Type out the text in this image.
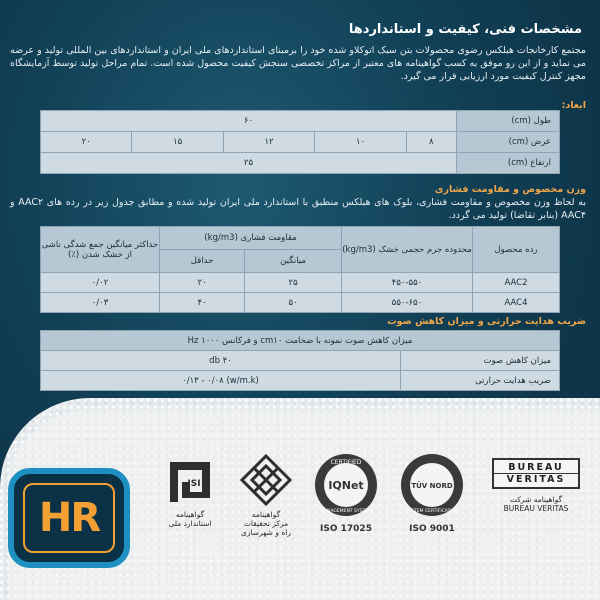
مشخصات فنی، کیفیت و استانداردها
مجتمع کارخانجات هبلکس رضوی محصولات بتن سبک اتوکلاو شده خود را برمبنای استانداردهای ملی ایران و استانداردهای بین المللی تولید و عرضه می نماید و از این رو موفق به کسب گواهینامه های معتبر از مراکز تخصصی سنجش کیفیت محصول شده است. تمام مراحل تولید توسط آزمایشگاه مجهز کنترل کیفیت مورد ارزیابی قرار می گیرد.
ابعاد:
۶۰					طول (cm)
۲۰	۱۵	۱۲	۱۰	۸	عرض (cm)
۲۵					ارتفاع (cm)
وزن مخصوص و مقاومت فشاری
به لحاظ وزن مخصوص و مقاومت فشاری، بلوک های هبلکس منطبق با استاندارد ملی ایران تولید شده و مطابق جدول زیر در رده های AAC۲ و AAC۴ (بنابر تقاضا) تولید می گردد.
حداکثر میانگین جمع شدگی ناشی از خشک شدن (٪)	مقاومت فشاری (kg/m3)		محدوده جرم حجمی خشک (kg/m3)	رده محصول
	حداقل	میانگین		
۰/۰۲	۲۰	۲۵	۴۵۰-۵۵۰	AAC2
۰/۰۳	۴۰	۵۰	۵۵۰-۶۵۰	AAC4
ضریب هدایت حرارتی و میزان کاهش صوت
میزان کاهش صوت نمونه با ضخامت cm۱۰ و فرکانس Hz ۱۰۰۰	
۴۰ db	میزان کاهش صوت
(w/m.k) ۰/۱۳ - ۰/۰۸	ضریب هدایت حرارتی
HR
ISI
گواهینامه
استاندارد ملی
گواهینامه
مرکز تحقیقات
راه و شهرسازی
CERTIFIED
IQNet
MANAGEMENT SYSTEM
ISO 17025
TÜV NORD
SYSTEM CERTIFICATION
ISO 9001
BUREAU
VERITAS
گواهینامه شرکت
BUREAU VERITAS
